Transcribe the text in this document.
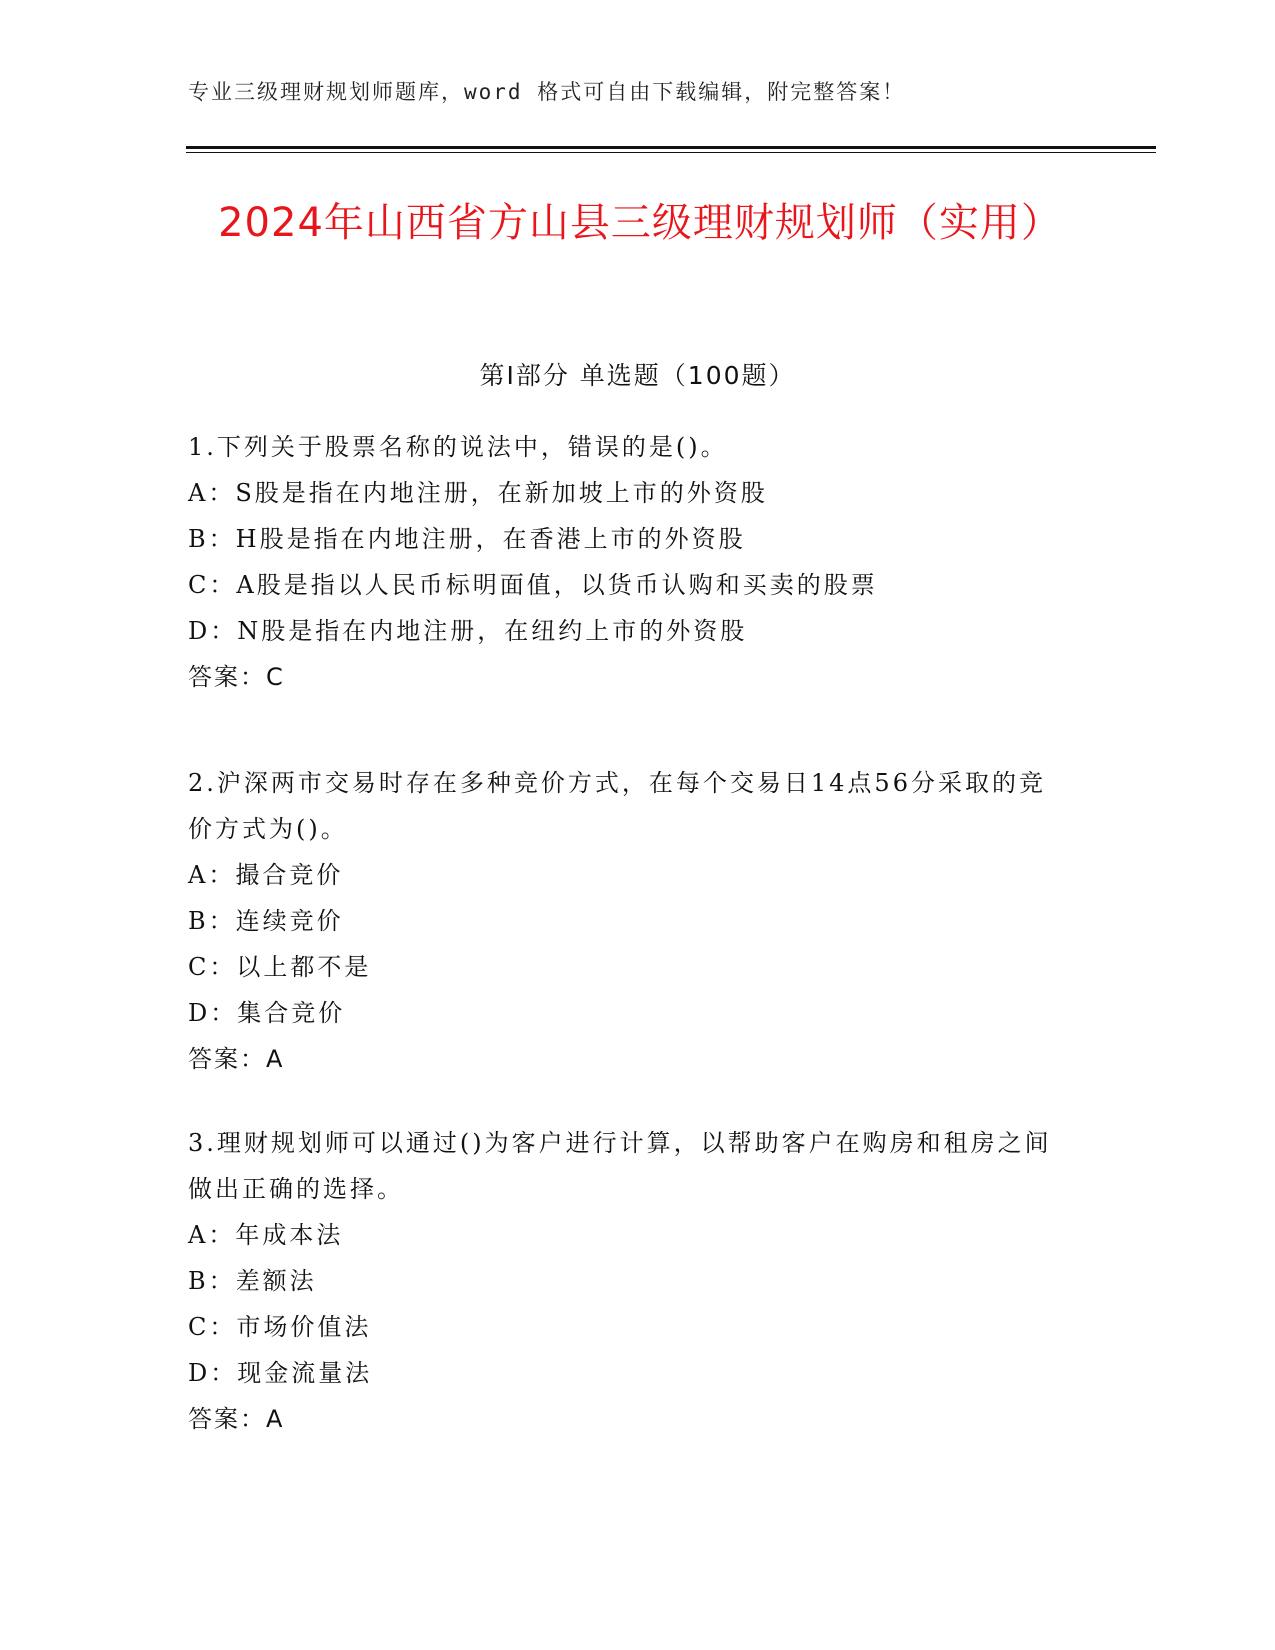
专业三级理财规划师题库，word 格式可自由下载编辑，附完整答案！
2024年山西省方山县三级理财规划师（实用）
第Ⅰ部分 单选题（100题）

1.下列关于股票名称的说法中，错误的是()。

A：S股是指在内地注册，在新加坡上市的外资股

B：H股是指在内地注册，在香港上市的外资股

C：A股是指以人民币标明面值，以货币认购和买卖的股票

D：N股是指在内地注册，在纽约上市的外资股

答案：C

2.沪深两市交易时存在多种竞价方式，在每个交易日14点56分采取的竞价方式为()。

A：撮合竞价

B：连续竞价

C：以上都不是

D：集合竞价

答案：A

3.理财规划师可以通过()为客户进行计算，以帮助客户在购房和租房之间做出正确的选择。

A：年成本法

B：差额法

C：市场价值法

D：现金流量法

答案：A
